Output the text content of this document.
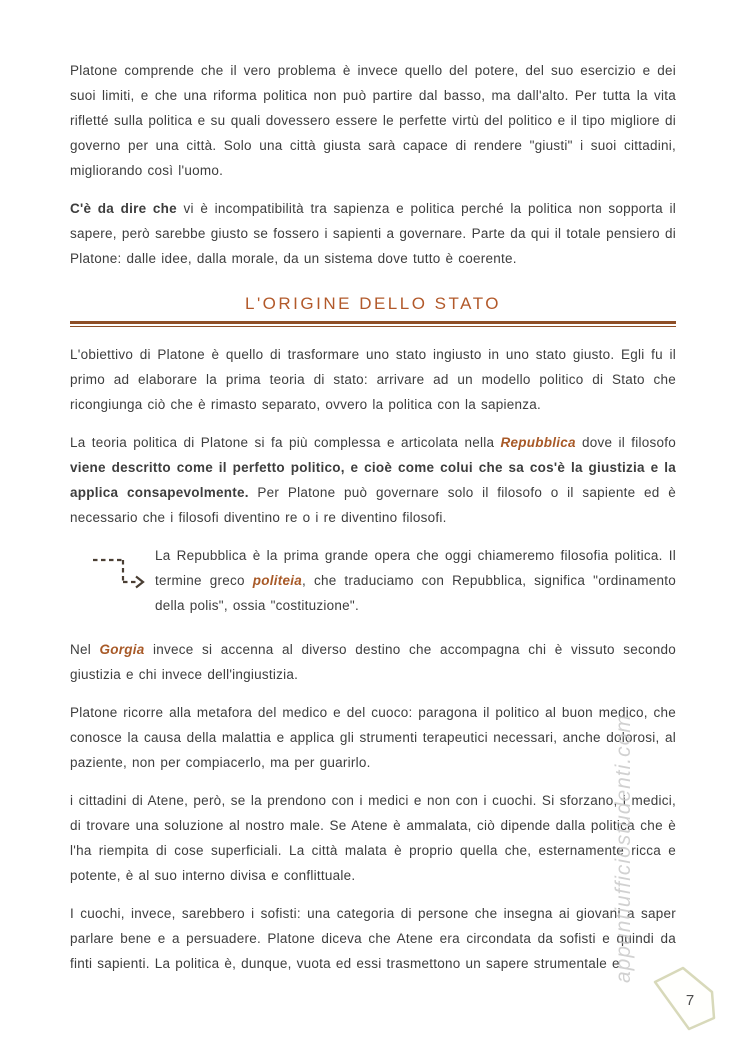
Platone comprende che il vero problema è invece quello del potere, del suo esercizio e dei suoi limiti, e che una riforma politica non può partire dal basso, ma dall'alto. Per tutta la vita rifletté sulla politica e su quali dovessero essere le perfette virtù del politico e il tipo migliore di governo per una città. Solo una città giusta sarà capace di rendere "giusti" i suoi cittadini, migliorando così l'uomo.

C'è da dire che vi è incompatibilità tra sapienza e politica perché la politica non sopporta il sapere, però sarebbe giusto se fossero i sapienti a governare. Parte da qui il totale pensiero di Platone: dalle idee, dalla morale, da un sistema dove tutto è coerente.

L'ORIGINE DELLO STATO

L'obiettivo di Platone è quello di trasformare uno stato ingiusto in uno stato giusto. Egli fu il primo ad elaborare la prima teoria di stato: arrivare ad un modello politico di Stato che ricongiunga ciò che è rimasto separato, ovvero la politica con la sapienza.

La teoria politica di Platone si fa più complessa e articolata nella Repubblica dove il filosofo viene descritto come il perfetto politico, e cioè come colui che sa cos'è la giustizia e la applica consapevolmente. Per Platone può governare solo il filosofo o il sapiente ed è necessario che i filosofi diventino re o i re diventino filosofi.

La Repubblica è la prima grande opera che oggi chiameremo filosofia politica. Il termine greco politeia, che traduciamo con Repubblica, significa "ordinamento della polis", ossia "costituzione".

Nel Gorgia invece si accenna al diverso destino che accompagna chi è vissuto secondo giustizia e chi invece dell'ingiustizia.

Platone ricorre alla metafora del medico e del cuoco: paragona il politico al buon medico, che conosce la causa della malattia e applica gli strumenti terapeutici necessari, anche dolorosi, al paziente, non per compiacerlo, ma per guarirlo.

i cittadini di Atene, però, se la prendono con i medici e non con i cuochi. Si sforzano, i medici, di trovare una soluzione al nostro male. Se Atene è ammalata, ciò dipende dalla politica che è l'ha riempita di cose superficiali. La città malata è proprio quella che, esternamente ricca e potente, è al suo interno divisa e conflittuale.

I cuochi, invece, sarebbero i sofisti: una categoria di persone che insegna ai giovani a saper parlare bene e a persuadere. Platone diceva che Atene era circondata da sofisti e quindi da finti sapienti. La politica è, dunque, vuota ed essi trasmettono un sapere strumentale e

appuntiufficiostudenti.com
7
